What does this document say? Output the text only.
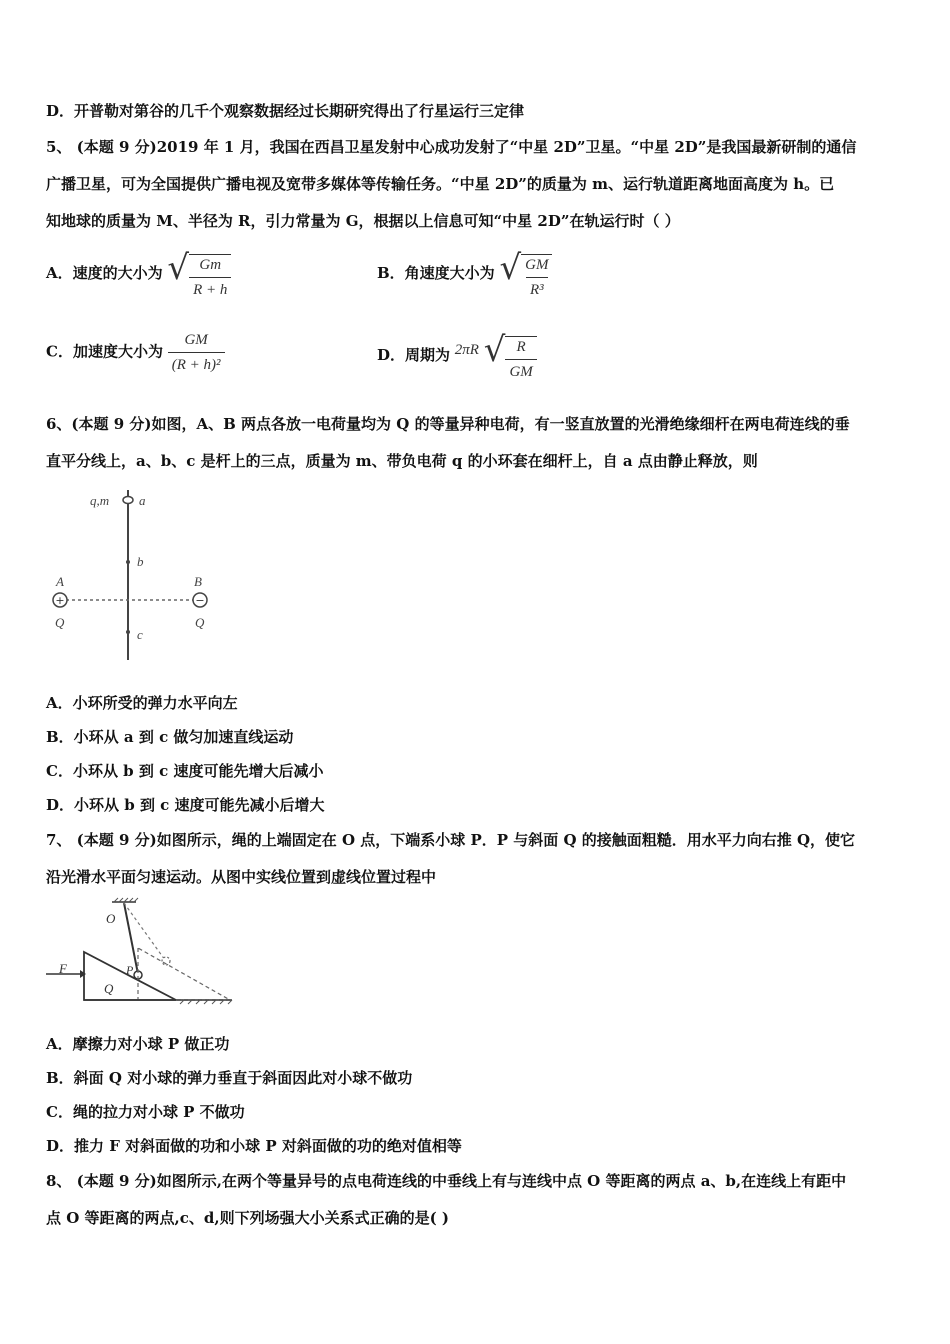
D．开普勒对第谷的几千个观察数据经过长期研究得出了行星运行三定律
5、 (本题 9 分)2019 年 1 月，我国在西昌卫星发射中心成功发射了“中星 2D”卫星。“中星 2D”是我国最新研制的通信
广播卫星，可为全国提供广播电视及宽带多媒体等传输任务。“中星 2D”的质量为 m、运行轨道距离地面高度为 h。已
知地球的质量为 M、半径为 R，引力常量为 G，根据以上信息可知“中星 2D”在轨运行时（ ）
A．速度的大小为 √ $\frac{Gm}{R + h}$	B．角速度大小为 √ $\frac{GM}{\text{R³}}$
C．加速度大小为 $\frac{GM}{\text{(R + h)²}}$	D．周期为 2πR √ $\frac{R}{GM}$
6、(本题 9 分)如图，A、B 两点各放一电荷量均为 Q 的等量异种电荷，有一竖直放置的光滑绝缘细杆在两电荷连线的垂
直平分线上，a、b、c 是杆上的三点，质量为 m、带负电荷 q 的小环套在细杆上，自 a 点由静止释放，则
+	−
q,m a
b
c
A	B
Q	Q
A．小环所受的弹力水平向左
B．小环从 a 到 c 做匀加速直线运动
C．小环从 b 到 c 速度可能先增大后减小
D．小环从 b 到 c 速度可能先减小后增大
7、 (本题 9 分)如图所示，绳的上端固定在 O 点，下端系小球 P．P 与斜面 Q 的接触面粗糙．用水平力向右推 Q，使它
沿光滑水平面匀速运动。从图中实线位置到虚线位置过程中
O
F	P
Q
A．摩擦力对小球 P 做正功
B．斜面 Q 对小球的弹力垂直于斜面因此对小球不做功
C．绳的拉力对小球 P 不做功
D．推力 F 对斜面做的功和小球 P 对斜面做的功的绝对值相等
8、 (本题 9 分)如图所示,在两个等量异号的点电荷连线的中垂线上有与连线中点 O 等距离的两点 a、b,在连线上有距中
点 O 等距离的两点,c、d,则下列场强大小关系式正确的是( )
